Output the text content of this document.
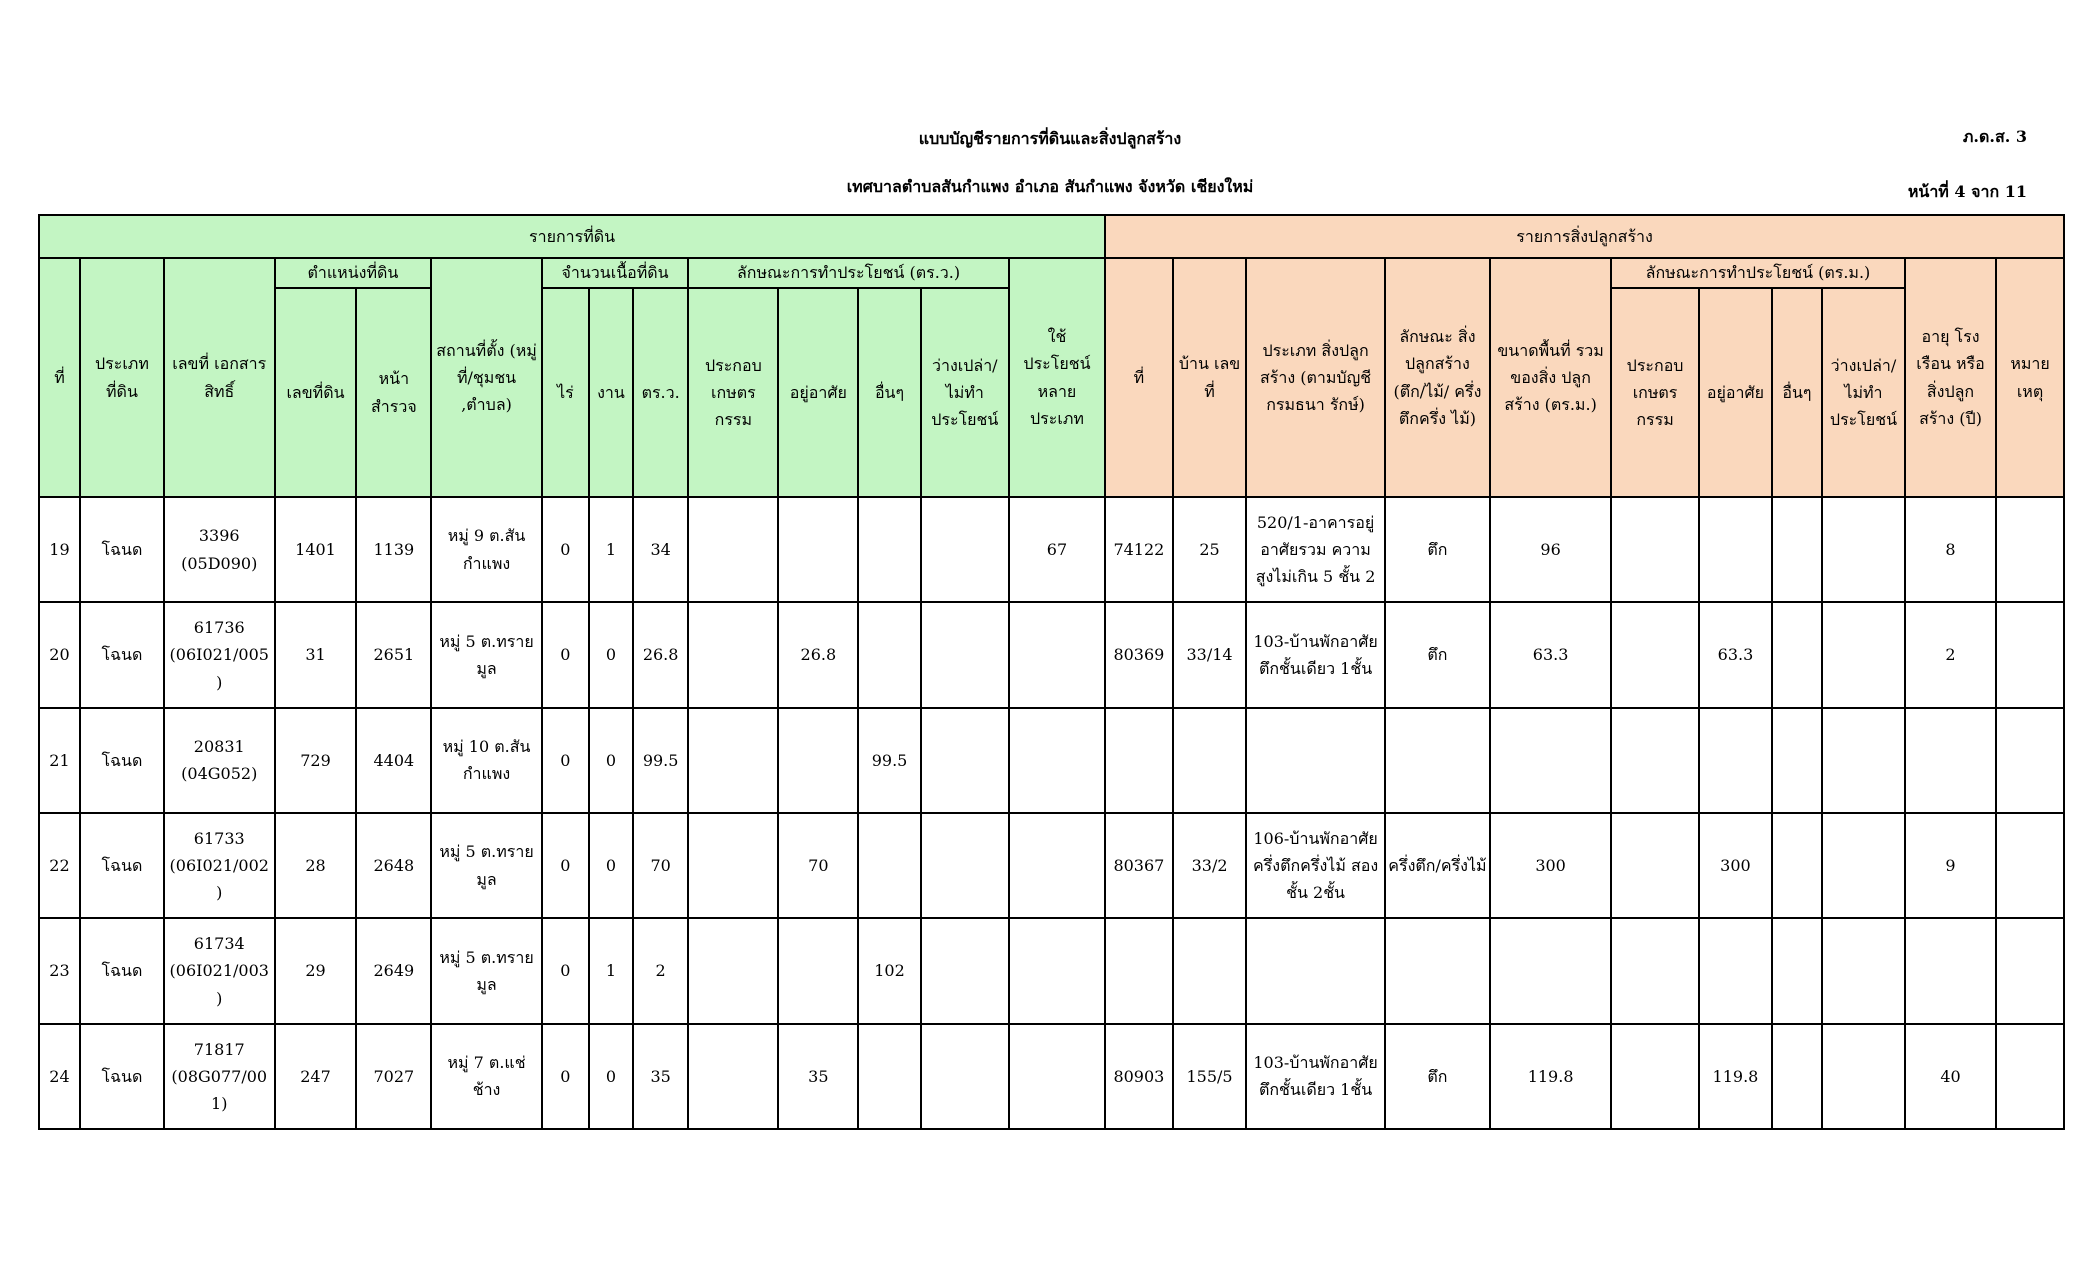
แบบบัญชีรายการที่ดินและสิ่งปลูกสร้าง	ภ.ด.ส. 3
เทศบาลตำบลสันกำแพง อำเภอ สันกำแพง จังหวัด เชียงใหม่	หน้าที่ 4 จาก 11
รายการที่ดิน														รายการสิ่งปลูกสร้าง										
ที่	ประเภท ที่ดิน	เลขที่ เอกสาร สิทธิ์	ตำแหน่งที่ดิน		สถานที่ตั้ง (หมู่ที่/ชุมชน ,ตำบล)	จำนวนเนื้อที่ดิน			ลักษณะการทำประโยชน์ (ตร.ว.)				ใช้ ประโยชน์ หลาย ประเภท	ที่	บ้าน เลขที่	ประเภท สิ่งปลูกสร้าง (ตามบัญชี กรมธนา รักษ์)	ลักษณะ สิ่ง ปลูกสร้าง (ตึก/ไม้/ ครึ่งตึกครึ่ง ไม้)	ขนาดพื้นที่ รวม ของสิ่ง ปลูกสร้าง (ตร.ม.)	ลักษณะการทำประโยชน์ (ตร.ม.)				อายุ โรงเรือน หรือ สิ่งปลูก สร้าง (ปี)	หมาย เหตุ
			เลขที่ดิน	หน้า สำรวจ		ไร่	งาน	ตร.ว.	ประกอบ เกษตร กรรม	อยู่อาศัย	อื่นๆ	ว่างเปล่า/ ไม่ทำ ประโยชน์							ประกอบ เกษตร กรรม	อยู่อาศัย	อื่นๆ	ว่างเปล่า/ ไม่ทำ ประโยชน์		
19	โฉนด	3396 (05D090)	1401	1139	หมู่ 9 ต.สัน กำแพง	0	1	34					67	74122	25	520/1-อาคารอยู่ อาศัยรวม ความ สูงไม่เกิน 5 ชั้น 2	ตึก	96					8	
20	โฉนด	61736 (06I021/005)	31	2651	หมู่ 5 ต.ทราย มูล	0	0	26.8		26.8				80369	33/14	103-บ้านพักอาศัย ตึกชั้นเดียว 1ชั้น	ตึก	63.3		63.3			2	
21	โฉนด	20831 (04G052)	729	4404	หมู่ 10 ต.สัน กำแพง	0	0	99.5			99.5													
22	โฉนด	61733 (06I021/002)	28	2648	หมู่ 5 ต.ทราย มูล	0	0	70		70				80367	33/2	106-บ้านพักอาศัย ครึ่งตึกครึ่งไม้ สองชั้น 2ชั้น	ครึ่งตึก/ครึ่งไม้	300		300			9	
23	โฉนด	61734 (06I021/003)	29	2649	หมู่ 5 ต.ทราย มูล	0	1	2			102													
24	โฉนด	71817 (08G077/001)	247	7027	หมู่ 7 ต.แช่ช้าง	0	0	35		35				80903	155/5	103-บ้านพักอาศัย ตึกชั้นเดียว 1ชั้น	ตึก	119.8		119.8			40	
